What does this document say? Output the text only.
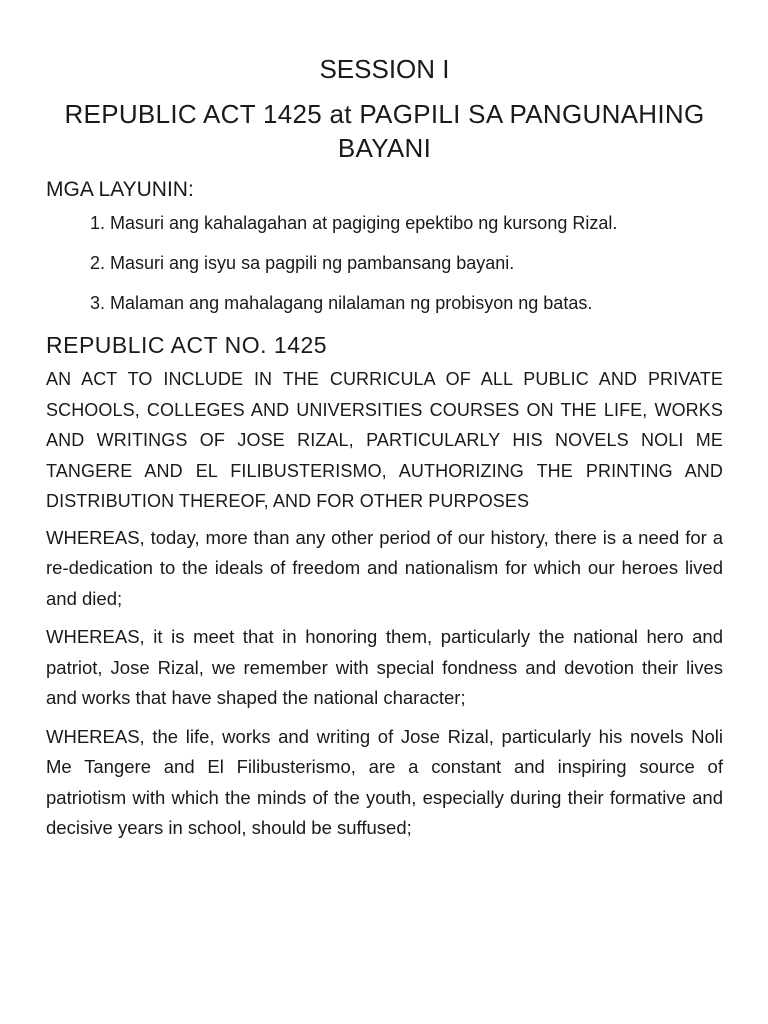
SESSION I
REPUBLIC ACT 1425 at PAGPILI SA PANGUNAHING BAYANI
MGA LAYUNIN:
1. Masuri ang kahalagahan at pagiging epektibo ng kursong Rizal.
2. Masuri ang isyu sa pagpili ng pambansang bayani.
3. Malaman ang mahalagang nilalaman ng probisyon ng batas.
REPUBLIC ACT NO. 1425

AN ACT TO INCLUDE IN THE CURRICULA OF ALL PUBLIC AND PRIVATE SCHOOLS, COLLEGES AND UNIVERSITIES COURSES ON THE LIFE, WORKS AND WRITINGS OF JOSE RIZAL, PARTICULARLY HIS NOVELS NOLI ME TANGERE AND EL FILIBUSTERISMO, AUTHORIZING THE PRINTING AND DISTRIBUTION THEREOF, AND FOR OTHER PURPOSES

WHEREAS, today, more than any other period of our history, there is a need for a re-dedication to the ideals of freedom and nationalism for which our heroes lived and died;

WHEREAS, it is meet that in honoring them, particularly the national hero and patriot, Jose Rizal, we remember with special fondness and devotion their lives and works that have shaped the national character;

WHEREAS, the life, works and writing of Jose Rizal, particularly his novels Noli Me Tangere and El Filibusterismo, are a constant and inspiring source of patriotism with which the minds of the youth, especially during their formative and decisive years in school, should be suffused;
